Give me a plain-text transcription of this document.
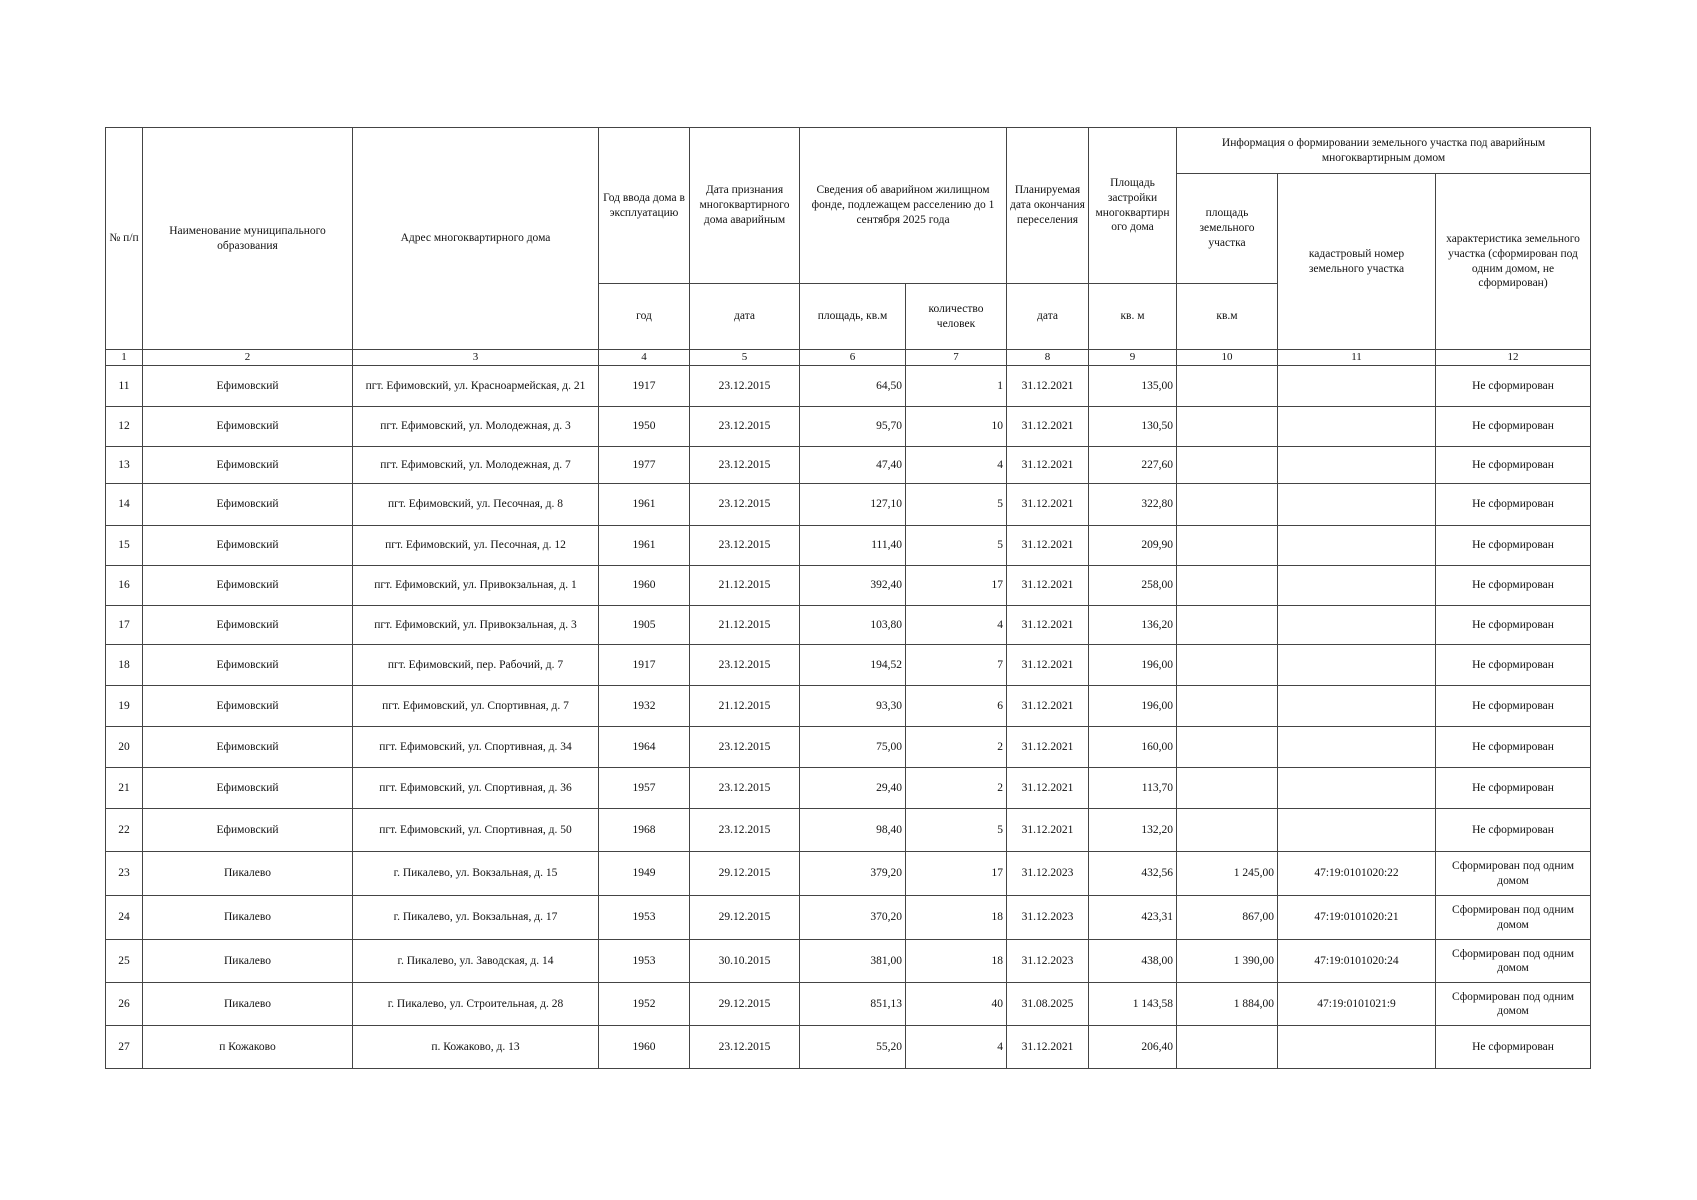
№ п/п	Наименование муниципального образования	Адрес многоквартирного дома	Год ввода дома в эксплуатацию	Дата признания многоквартирного дома аварийным	Сведения об аварийном жилищном фонде, подлежащем расселению до 1 сентября 2025 года		Планируемая дата окончания переселения	Площадь застройки многоквартирн ого дома	Информация о формировании земельного участка под аварийным многоквартирным домом		
									площадь земельного участка	кадастровый номер земельного участка	характеристика земельного участка (сформирован под одним домом, не сформирован)
			год	дата	площадь, кв.м	количество человек	дата	кв. м	кв.м		
1	2	3	4	5	6	7	8	9	10	11	12
11	Ефимовский	пгт. Ефимовский, ул. Красноармейская, д. 21	1917	23.12.2015	64,50	1	31.12.2021	135,00			Не сформирован
12	Ефимовский	пгт. Ефимовский, ул. Молодежная, д. 3	1950	23.12.2015	95,70	10	31.12.2021	130,50			Не сформирован
13	Ефимовский	пгт. Ефимовский, ул. Молодежная, д. 7	1977	23.12.2015	47,40	4	31.12.2021	227,60			Не сформирован
14	Ефимовский	пгт. Ефимовский, ул. Песочная, д. 8	1961	23.12.2015	127,10	5	31.12.2021	322,80			Не сформирован
15	Ефимовский	пгт. Ефимовский, ул. Песочная, д. 12	1961	23.12.2015	111,40	5	31.12.2021	209,90			Не сформирован
16	Ефимовский	пгт. Ефимовский, ул. Привокзальная, д. 1	1960	21.12.2015	392,40	17	31.12.2021	258,00			Не сформирован
17	Ефимовский	пгт. Ефимовский, ул. Привокзальная, д. 3	1905	21.12.2015	103,80	4	31.12.2021	136,20			Не сформирован
18	Ефимовский	пгт. Ефимовский, пер. Рабочий, д. 7	1917	23.12.2015	194,52	7	31.12.2021	196,00			Не сформирован
19	Ефимовский	пгт. Ефимовский, ул. Спортивная, д. 7	1932	21.12.2015	93,30	6	31.12.2021	196,00			Не сформирован
20	Ефимовский	пгт. Ефимовский, ул. Спортивная, д. 34	1964	23.12.2015	75,00	2	31.12.2021	160,00			Не сформирован
21	Ефимовский	пгт. Ефимовский, ул. Спортивная, д. 36	1957	23.12.2015	29,40	2	31.12.2021	113,70			Не сформирован
22	Ефимовский	пгт. Ефимовский, ул. Спортивная, д. 50	1968	23.12.2015	98,40	5	31.12.2021	132,20			Не сформирован
23	Пикалево	г. Пикалево, ул. Вокзальная, д. 15	1949	29.12.2015	379,20	17	31.12.2023	432,56	1 245,00	47:19:0101020:22	Сформирован под одним домом
24	Пикалево	г. Пикалево, ул. Вокзальная, д. 17	1953	29.12.2015	370,20	18	31.12.2023	423,31	867,00	47:19:0101020:21	Сформирован под одним домом
25	Пикалево	г. Пикалево, ул. Заводская, д. 14	1953	30.10.2015	381,00	18	31.12.2023	438,00	1 390,00	47:19:0101020:24	Сформирован под одним домом
26	Пикалево	г. Пикалево, ул. Строительная, д. 28	1952	29.12.2015	851,13	40	31.08.2025	1 143,58	1 884,00	47:19:0101021:9	Сформирован под одним домом
27	п Кожаково	п. Кожаково, д. 13	1960	23.12.2015	55,20	4	31.12.2021	206,40			Не сформирован
